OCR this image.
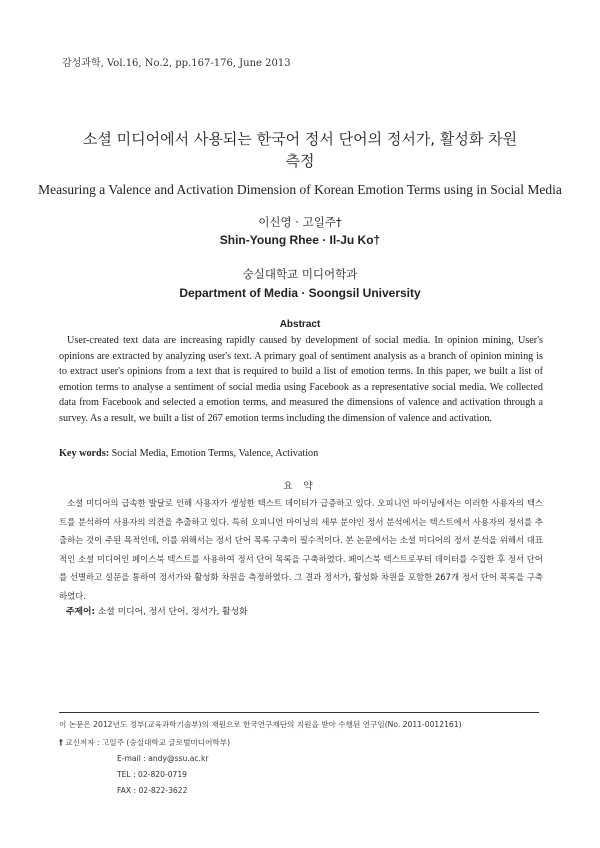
감성과학, Vol.16, No.2, pp.167-176, June 2013
소셜 미디어에서 사용되는 한국어 정서 단어의 정서가, 활성화 차원
측정
Measuring a Valence and Activation Dimension of Korean Emotion Terms using in Social Media
이신영 · 고일주†
Shin-Young Rhee · Il-Ju Ko†
숭실대학교 미디어학과
Department of Media · Soongsil University
Abstract
User-created text data are increasing rapidly caused by development of social media. In opinion mining, User's opinions are extracted by analyzing user's text. A primary goal of sentiment analysis as a branch of opinion mining is to extract user's opinions from a text that is required to build a list of emotion terms. In this paper, we built a list of emotion terms to analyse a sentiment of social media using Facebook as a representative social media. We collected data from Facebook and selected a emotion terms, and measured the dimensions of valence and activation through a survey. As a result, we built a list of 267 emotion terms including the dimension of valence and activation.
Key words: Social Media, Emotion Terms, Valence, Activation
요 약
소셜 미디어의 급속한 발달로 인해 사용자가 생성한 텍스트 데이터가 급증하고 있다. 오피니언 마이닝에서는 이러한 사용자의 텍스트를 분석하여 사용자의 의견을 추출하고 있다. 특히 오피니언 마이닝의 세부 분야인 정서 분석에서는 텍스트에서 사용자의 정서를 추출하는 것이 주된 목적인데, 이를 위해서는 정서 단어 목록 구축이 필수적이다. 본 논문에서는 소셜 미디어의 정서 분석을 위해서 대표적인 소셜 미디어인 페이스북 텍스트를 사용하여 정서 단어 목록을 구축하였다. 페이스북 텍스트로부터 데이터를 수집한 후 정서 단어를 선별하고 설문을 통하여 정서가와 활성화 차원을 측정하였다. 그 결과 정서가, 활성화 차원을 포함한 267개 정서 단어 목록을 구축하였다.
주제어: 소셜 미디어, 정서 단어, 정서가, 활성화
이 논문은 2012년도 정부(교육과학기술부)의 재원으로 한국연구재단의 지원을 받아 수행된 연구임(No. 2011-0012161)
† 교신저자 : 고일주 (숭실대학교 글로벌미디어학부)
E-mail : andy@ssu.ac.kr
TEL : 02-820-0719
FAX : 02-822-3622
